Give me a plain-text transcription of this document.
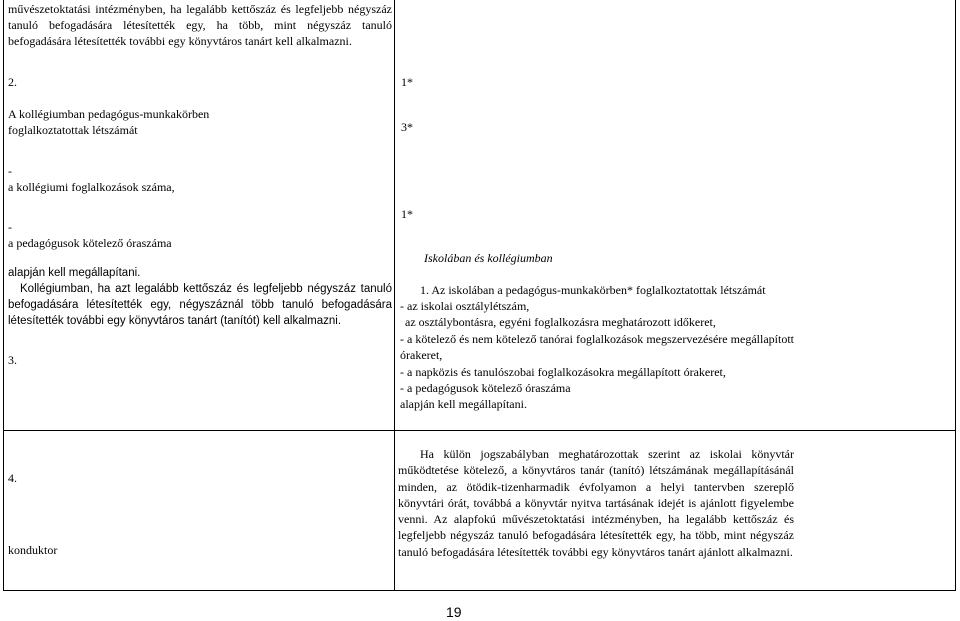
művészetoktatási intézményben, ha legalább kettőszáz és legfeljebb négyszáz tanuló befogadására létesítették egy, ha több, mint négyszáz tanuló befogadására létesítették további egy könyvtáros tanárt kell alkalmazni.

2.
A kollégiumban pedagógus-munkakörben foglalkoztatottak létszámát
-
a kollégiumi foglalkozások száma,
-
a pedagógusok kötelező óraszáma
alapján kell megállapítani.

Kollégiumban, ha azt legalább kettőszáz és legfeljebb négyszáz tanuló befogadására létesítették egy, négyszáznál több tanuló befogadására létesítették további egy könyvtáros tanárt (tanítót) kell alkalmazni.

3.
4.
konduktor
1*
3*
1*
Iskolában és kollégiumban
1. Az iskolában a pedagógus-munkakörben* foglalkoztatottak létszámát
- az iskolai osztálylétszám,
az osztálybontásra, egyéni foglalkozásra meghatározott időkeret,

- a kötelező és nem kötelező tanórai foglalkozások megszervezésére megállapított órakeret,

- a napközis és tanulószobai foglalkozásokra megállapított órakeret,
- a pedagógusok kötelező óraszáma
alapján kell megállapítani.

Ha külön jogszabályban meghatározottak szerint az iskolai könyvtár működtetése kötelező, a könyvtáros tanár (tanító) létszámának megállapításánál minden, az ötödik-tizenharmadik évfolyamon a helyi tantervben szereplő könyvtári órát, továbbá a könyvtár nyitva tartásának idejét is ajánlott figyelembe venni. Az alapfokú művészetoktatási intézményben, ha legalább kettőszáz és legfeljebb négyszáz tanuló befogadására létesítették egy, ha több, mint négyszáz tanuló befogadására létesítették további egy könyvtáros tanárt ajánlott alkalmazni.

19
